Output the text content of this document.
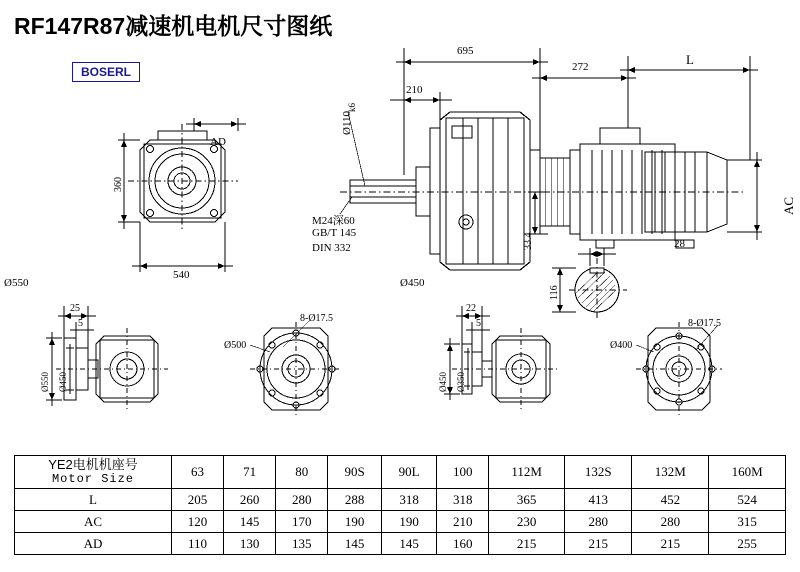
RF147R87减速机电机尺寸图纸
BOSERL
695
272	L
210
Ø110
k6
AC
33.4	28
116
M24深60
GB/T 145
DIN 332
AD
360
540
Ø550	Ø450
25
5
Ø550 Ø450
8-Ø17.5
Ø500
22
5
Ø450 Ø350
8-Ø17.5
Ø400
YE2电机机座号
Motor Size	63	71	80	90S	90L	100	112M	132S	132M	160M
L	205	260	280	288	318	318	365	413	452	524
AC	120	145	170	190	190	210	230	280	280	315
AD	110	130	135	145	145	160	215	215	215	255
